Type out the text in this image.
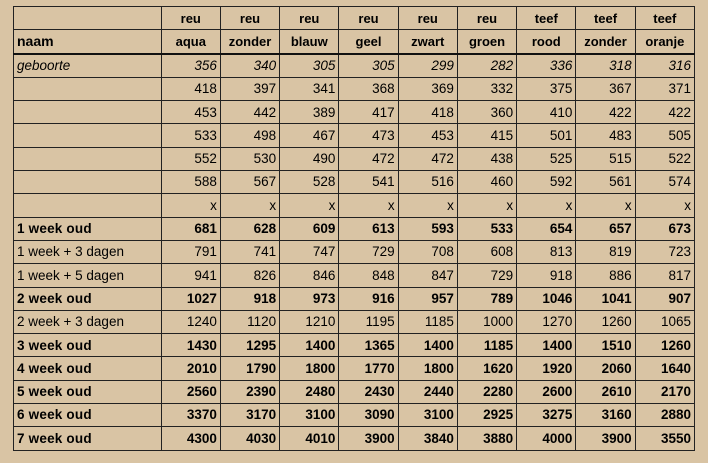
	reu	reu	reu	reu	reu	reu	teef	teef	teef
naam	aqua	zonder	blauw	geel	zwart	groen	rood	zonder	oranje
geboorte	356	340	305	305	299	282	336	318	316
	418	397	341	368	369	332	375	367	371
	453	442	389	417	418	360	410	422	422
	533	498	467	473	453	415	501	483	505
	552	530	490	472	472	438	525	515	522
	588	567	528	541	516	460	592	561	574
	x	x	x	x	x	x	x	x	x
1 week oud	681	628	609	613	593	533	654	657	673
1 week + 3 dagen	791	741	747	729	708	608	813	819	723
1 week + 5 dagen	941	826	846	848	847	729	918	886	817
2 week oud	1027	918	973	916	957	789	1046	1041	907
2 week + 3 dagen	1240	1120	1210	1195	1185	1000	1270	1260	1065
3 week oud	1430	1295	1400	1365	1400	1185	1400	1510	1260
4 week oud	2010	1790	1800	1770	1800	1620	1920	2060	1640
5 week oud	2560	2390	2480	2430	2440	2280	2600	2610	2170
6 week oud	3370	3170	3100	3090	3100	2925	3275	3160	2880
7 week oud	4300	4030	4010	3900	3840	3880	4000	3900	3550
